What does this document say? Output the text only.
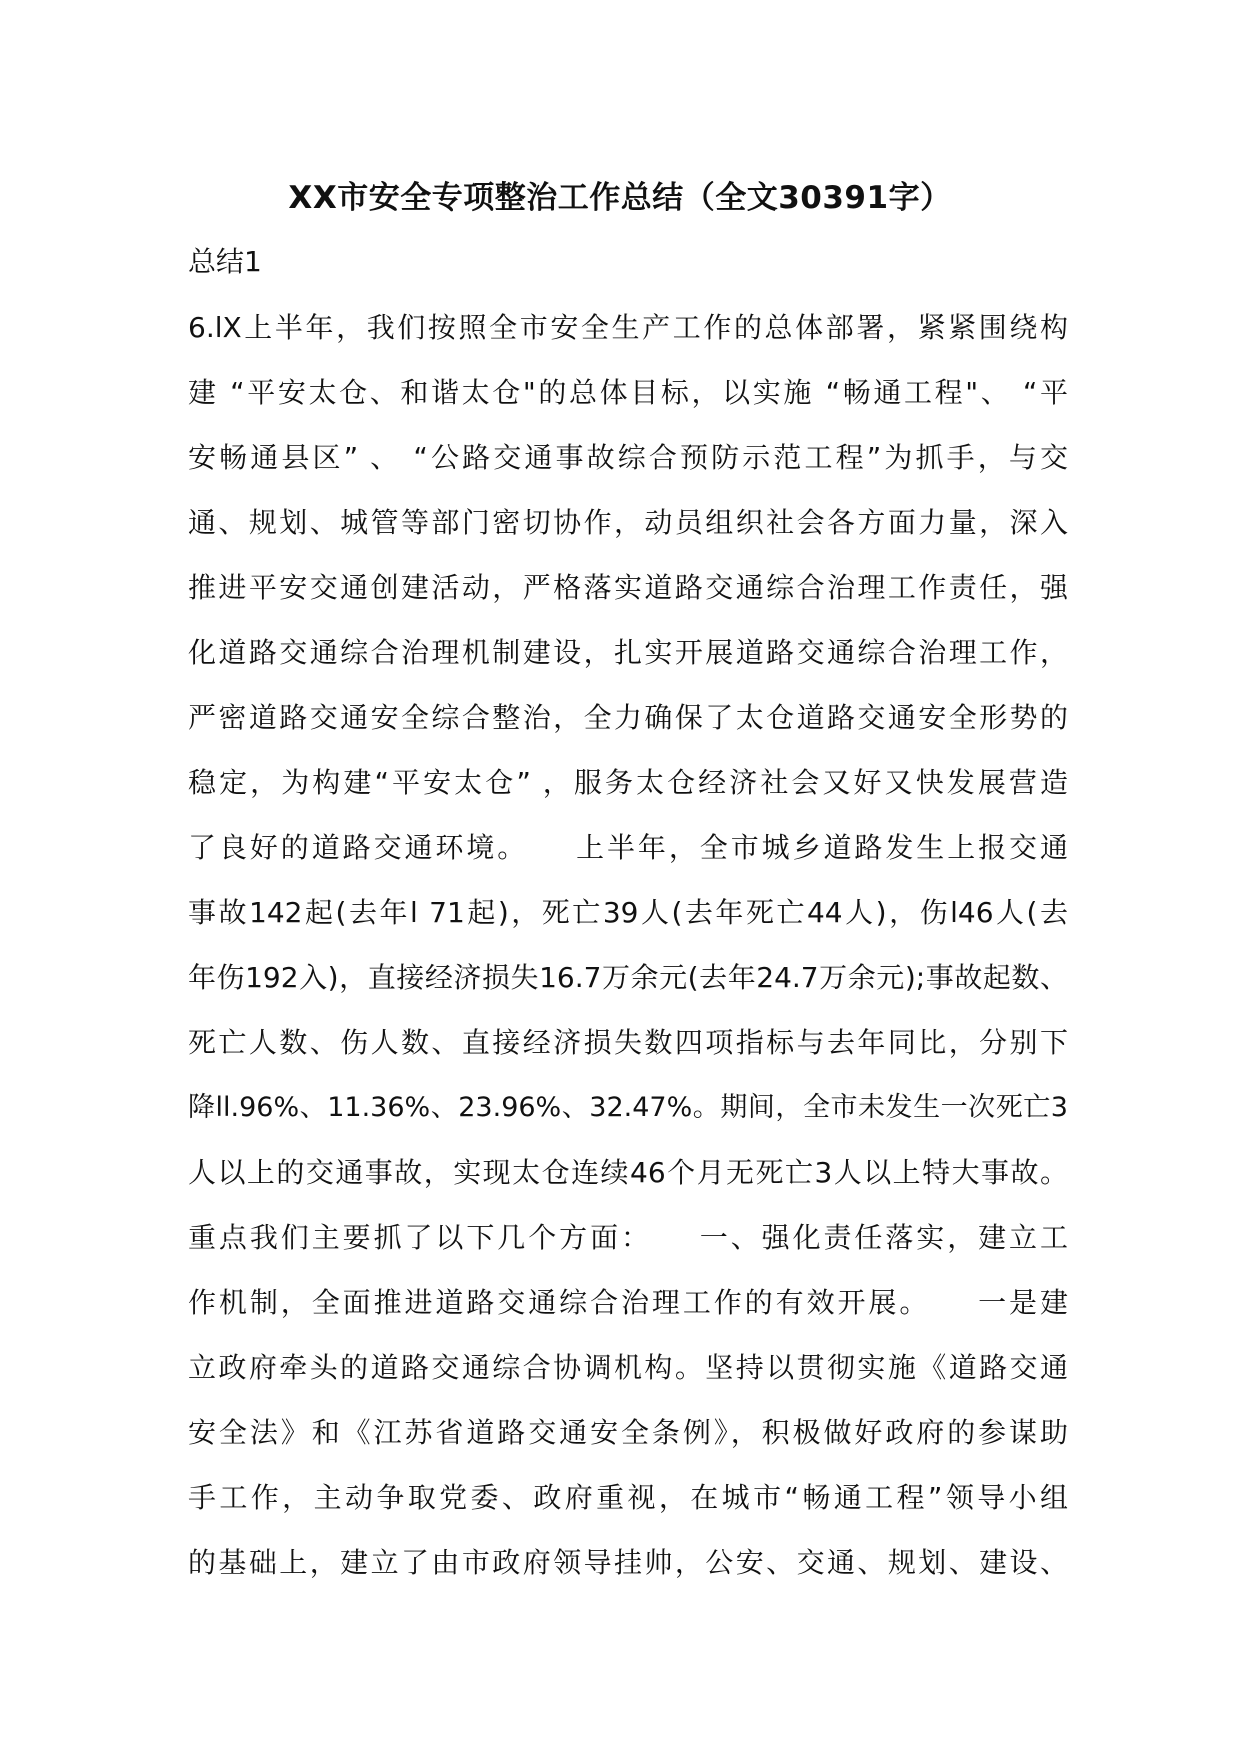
XX市安全专项整治工作总结（全文30391字）
总结1
6.lX上半年，我们按照全市安全生产工作的总体部署，紧紧围绕构
建 “平安太仓、和谐太仓"的总体目标，以实施 “畅通工程"、 “平
安畅通县区” 、 “公路交通事故综合预防示范工程”为抓手，与交
通、规划、城管等部门密切协作，动员组织社会各方面力量，深入
推进平安交通创建活动，严格落实道路交通综合治理工作责任，强
化道路交通综合治理机制建设，扎实开展道路交通综合治理工作，
严密道路交通安全综合整治，全力确保了太仓道路交通安全形势的
稳定，为构建“平安太仓” ，服务太仓经济社会又好又快发展营造
了良好的道路交通环境。　　上半年，全市城乡道路发生上报交通
事故142起(去年l 71起)，死亡39人(去年死亡44人)，伤l46人(去
年伤192入)，直接经济损失16.7万余元(去年24.7万余元);事故起数、
死亡人数、伤人数、直接经济损失数四项指标与去年同比，分别下
降ll.96%、11.36%、23.96%、32.47%。期间，全市未发生一次死亡3
人以上的交通事故，实现太仓连续46个月无死亡3人以上特大事故。
重点我们主要抓了以下几个方面：　　一、强化责任落实，建立工
作机制，全面推进道路交通综合治理工作的有效开展。　　一是建
立政府牵头的道路交通综合协调机构。坚持以贯彻实施《道路交通
安全法》和《江苏省道路交通安全条例》，积极做好政府的参谋助
手工作，主动争取党委、政府重视，在城市“畅通工程”领导小组
的基础上，建立了由市政府领导挂帅，公安、交通、规划、建设、
